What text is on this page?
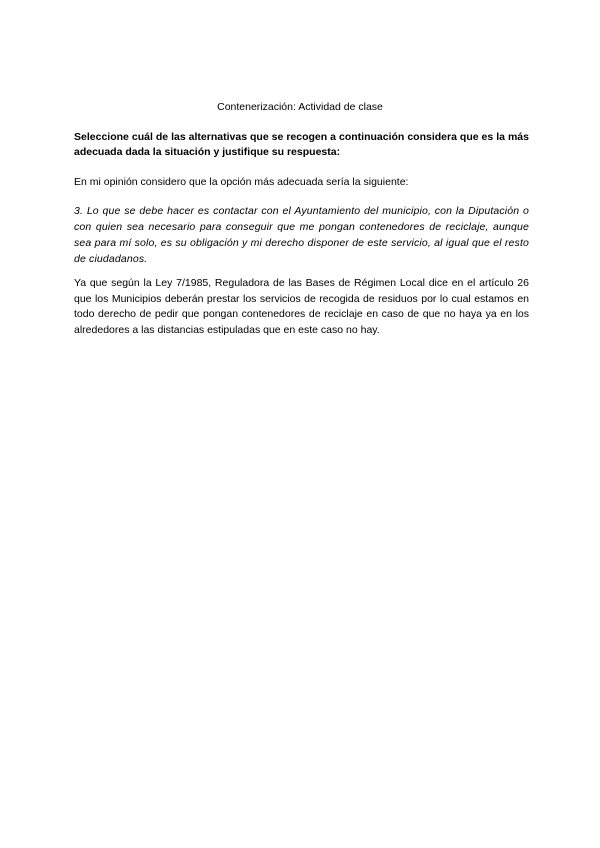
Contenerización: Actividad de clase
Seleccione cuál de las alternativas que se recogen a continuación considera que es la más adecuada dada la situación y justifique su respuesta:
En mi opinión considero que la opción más adecuada sería la siguiente:
3. Lo que se debe hacer es contactar con el Ayuntamiento del municipio, con la Diputación o con quien sea necesario para conseguir que me pongan contenedores de reciclaje, aunque sea para mí solo, es su obligación y mi derecho disponer de este servicio, al igual que el resto de ciudadanos.
Ya que según la Ley 7/1985, Reguladora de las Bases de Régimen Local dice en el artículo 26 que los Municipios deberán prestar los servicios de recogida de residuos por lo cual estamos en todo derecho de pedir que pongan contenedores de reciclaje en caso de que no haya ya en los alrededores a las distancias estipuladas que en este caso no hay.
